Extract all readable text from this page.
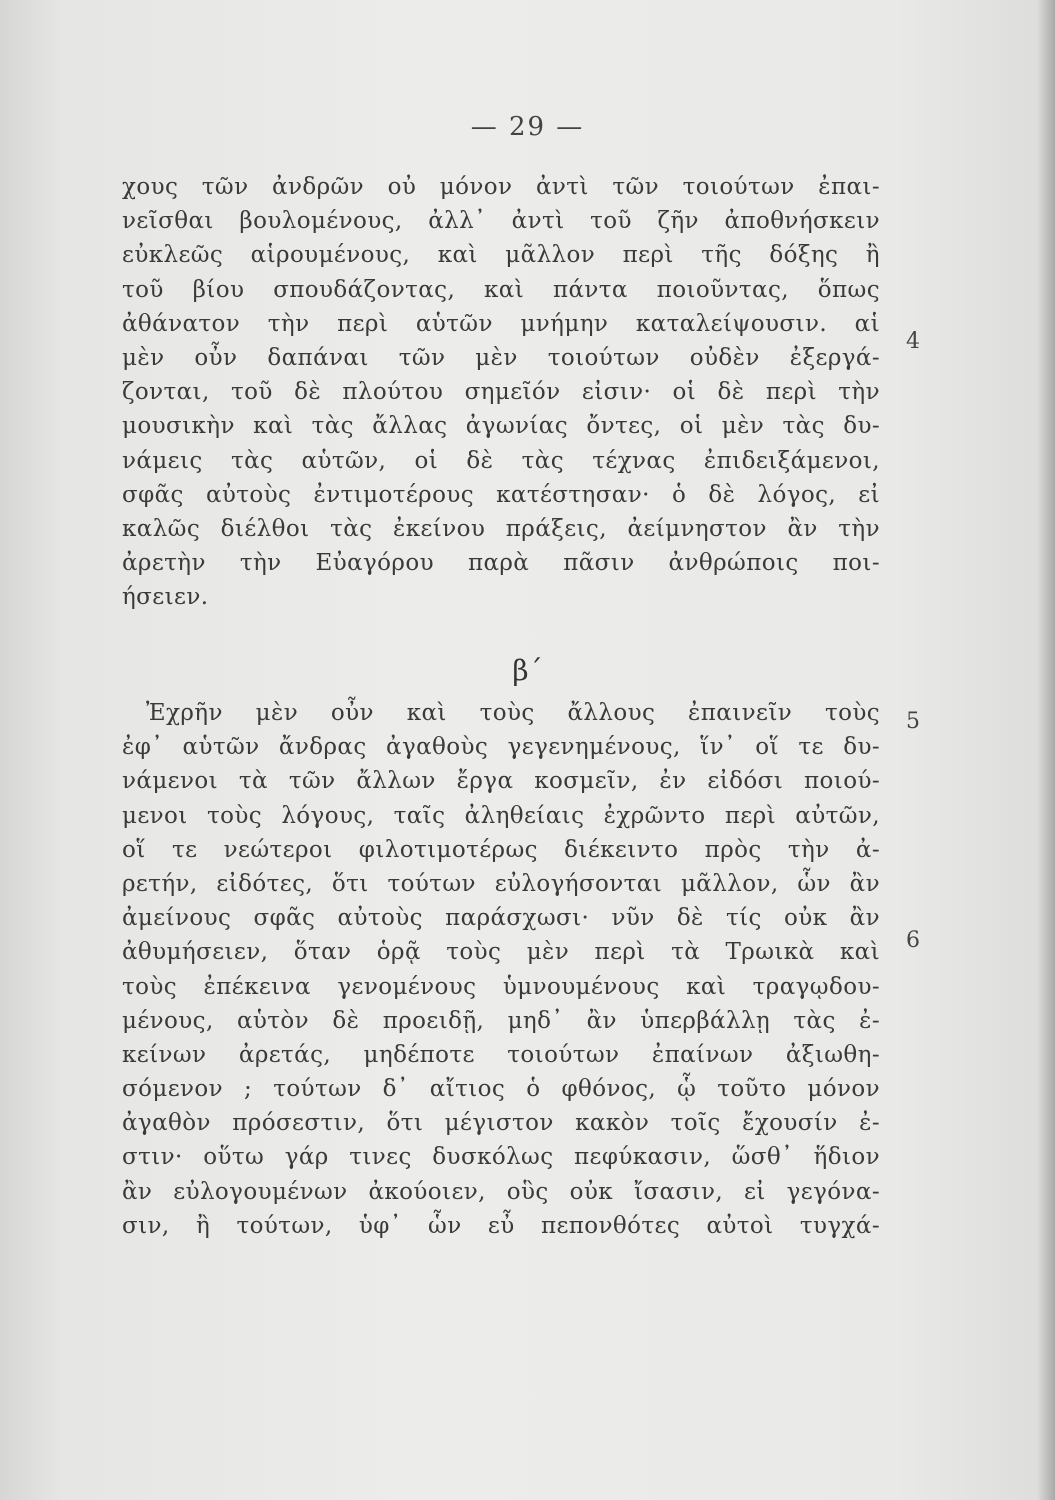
— 29 —
χους τῶν ἀνδρῶν οὐ μόνον ἀντὶ τῶν τοιούτων ἐπαι-
νεῖσθαι βουλομένους, ἀλλ᾽ ἀντὶ τοῦ ζῆν ἀποθνήσκειν
εὐκλεῶς αἱρουμένους, καὶ μᾶλλον περὶ τῆς δόξης ἢ
τοῦ βίου σπουδάζοντας, καὶ πάντα ποιοῦντας, ὅπως
ἀθάνατον τὴν περὶ αὑτῶν μνήμην καταλείψουσιν. αἱ
μὲν οὖν δαπάναι τῶν μὲν τοιούτων οὐδὲν ἐξεργά-
ζονται, τοῦ δὲ πλούτου σημεῖόν εἰσιν· οἱ δὲ περὶ τὴν
μουσικὴν καὶ τὰς ἄλλας ἀγωνίας ὄντες, οἱ μὲν τὰς δυ-
νάμεις τὰς αὑτῶν, οἱ δὲ τὰς τέχνας ἐπιδειξάμενοι,
σφᾶς αὐτοὺς ἐντιμοτέρους κατέστησαν· ὁ δὲ λόγος, εἰ
καλῶς διέλθοι τὰς ἐκείνου πράξεις, ἀείμνηστον ἂν τὴν
ἀρετὴν τὴν Εὐαγόρου παρὰ πᾶσιν ἀνθρώποις ποι-
ήσειεν.
β΄
Ἐχρῆν μὲν οὖν καὶ τοὺς ἄλλους ἐπαινεῖν τοὺς
ἐφ᾽ αὑτῶν ἄνδρας ἀγαθοὺς γεγενημένους, ἵν᾽ οἵ τε δυ-
νάμενοι τὰ τῶν ἄλλων ἔργα κοσμεῖν, ἐν εἰδόσι ποιού-
μενοι τοὺς λόγους, ταῖς ἀληθείαις ἐχρῶντο περὶ αὐτῶν,
οἵ τε νεώτεροι φιλοτιμοτέρως διέκειντο πρὸς τὴν ἀ-
ρετήν, εἰδότες, ὅτι τούτων εὐλογήσονται μᾶλλον, ὧν ἂν
ἀμείνους σφᾶς αὐτοὺς παράσχωσι· νῦν δὲ τίς οὐκ ἂν
ἀθυμήσειεν, ὅταν ὁρᾷ τοὺς μὲν περὶ τὰ Τρωικὰ καὶ
τοὺς ἐπέκεινα γενομένους ὑμνουμένους καὶ τραγῳδου-
μένους, αὑτὸν δὲ προειδῇ, μηδ᾽ ἂν ὑπερβάλλῃ τὰς ἐ-
κείνων ἀρετάς, μηδέποτε τοιούτων ἐπαίνων ἀξιωθη-
σόμενον ; τούτων δ᾽ αἴτιος ὁ φθόνος, ᾧ τοῦτο μόνον
ἀγαθὸν πρόσεστιν, ὅτι μέγιστον κακὸν τοῖς ἔχουσίν ἐ-
στιν· οὕτω γάρ τινες δυσκόλως πεφύκασιν, ὥσθ᾽ ἥδιον
ἂν εὐλογουμένων ἀκούοιεν, οὓς οὐκ ἴσασιν, εἰ γεγόνα-
σιν, ἢ τούτων, ὑφ᾽ ὧν εὖ πεπονθότες αὐτοὶ τυγχά-
4
5
6
